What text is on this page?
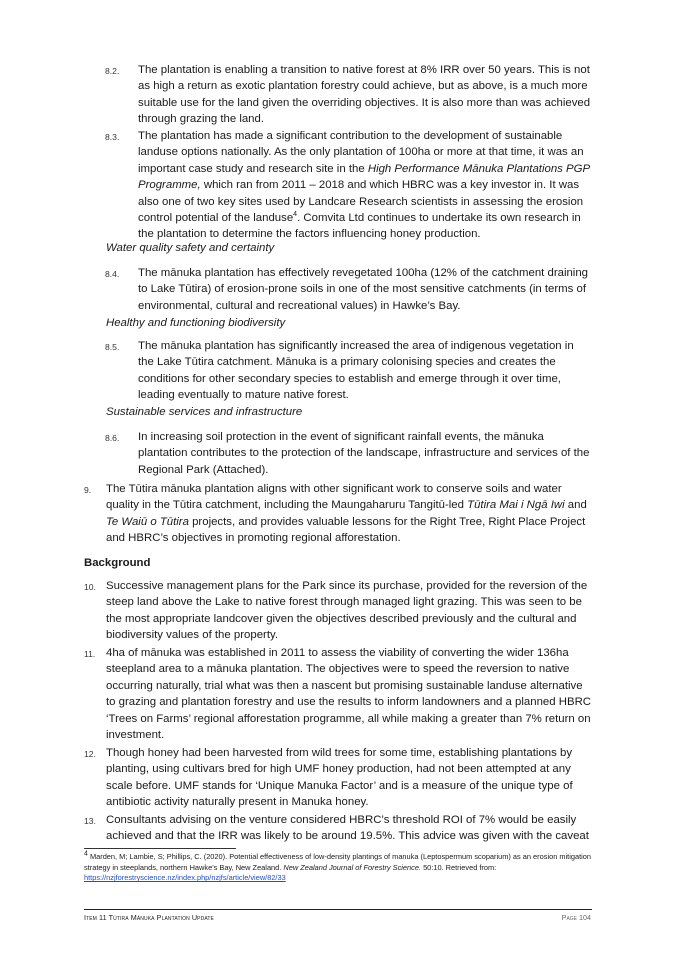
8.2. The plantation is enabling a transition to native forest at 8% IRR over 50 years. This is not as high a return as exotic plantation forestry could achieve, but as above, is a much more suitable use for the land given the overriding objectives. It is also more than was achieved through grazing the land.
8.3. The plantation has made a significant contribution to the development of sustainable landuse options nationally. As the only plantation of 100ha or more at that time, it was an important case study and research site in the High Performance Mānuka Plantations PGP Programme, which ran from 2011 – 2018 and which HBRC was a key investor in. It was also one of two key sites used by Landcare Research scientists in assessing the erosion control potential of the landuse$^4$. Comvita Ltd continues to undertake its own research in the plantation to determine the factors influencing honey production.
Water quality safety and certainty
8.4. The mānuka plantation has effectively revegetated 100ha (12% of the catchment draining to Lake Tūtira) of erosion-prone soils in one of the most sensitive catchments (in terms of environmental, cultural and recreational values) in Hawke’s Bay.
Healthy and functioning biodiversity
8.5. The mānuka plantation has significantly increased the area of indigenous vegetation in the Lake Tūtira catchment. Mānuka is a primary colonising species and creates the conditions for other secondary species to establish and emerge through it over time, leading eventually to mature native forest.
Sustainable services and infrastructure
8.6. In increasing soil protection in the event of significant rainfall events, the mānuka plantation contributes to the protection of the landscape, infrastructure and services of the Regional Park (Attached).
9. The Tūtira mānuka plantation aligns with other significant work to conserve soils and water quality in the Tūtira catchment, including the Maungaharuru Tangitū-led Tūtira Mai i Ngā Iwi and Te Waiū o Tūtira projects, and provides valuable lessons for the Right Tree, Right Place Project and HBRC’s objectives in promoting regional afforestation.
Background
10. Successive management plans for the Park since its purchase, provided for the reversion of the steep land above the Lake to native forest through managed light grazing. This was seen to be the most appropriate landcover given the objectives described previously and the cultural and biodiversity values of the property.
11. 4ha of mānuka was established in 2011 to assess the viability of converting the wider 136ha steepland area to a mānuka plantation. The objectives were to speed the reversion to native occurring naturally, trial what was then a nascent but promising sustainable landuse alternative to grazing and plantation forestry and use the results to inform landowners and a planned HBRC ‘Trees on Farms’ regional afforestation programme, all while making a greater than 7% return on investment.
12. Though honey had been harvested from wild trees for some time, establishing plantations by planting, using cultivars bred for high UMF honey production, had not been attempted at any scale before. UMF stands for ‘Unique Manuka Factor’ and is a measure of the unique type of antibiotic activity naturally present in Manuka honey.
13. Consultants advising on the venture considered HBRC’s threshold ROI of 7% would be easily achieved and that the IRR was likely to be around 19.5%. This advice was given with the caveat
$^4$ Marden, M; Lambie, S; Phillips, C. (2020). Potential effectiveness of low-density plantings of manuka (Leptospermum scoparium) as an erosion mitigation strategy in steeplands, northern Hawke’s Bay, New Zealand. New Zealand Journal of Forestry Science. 50:10. Retrieved from: https://nzjforestryscience.nz/index.php/nzjfs/article/view/82/33
Item 11 Tūtira Mānuka Plantation Update	Page 104
